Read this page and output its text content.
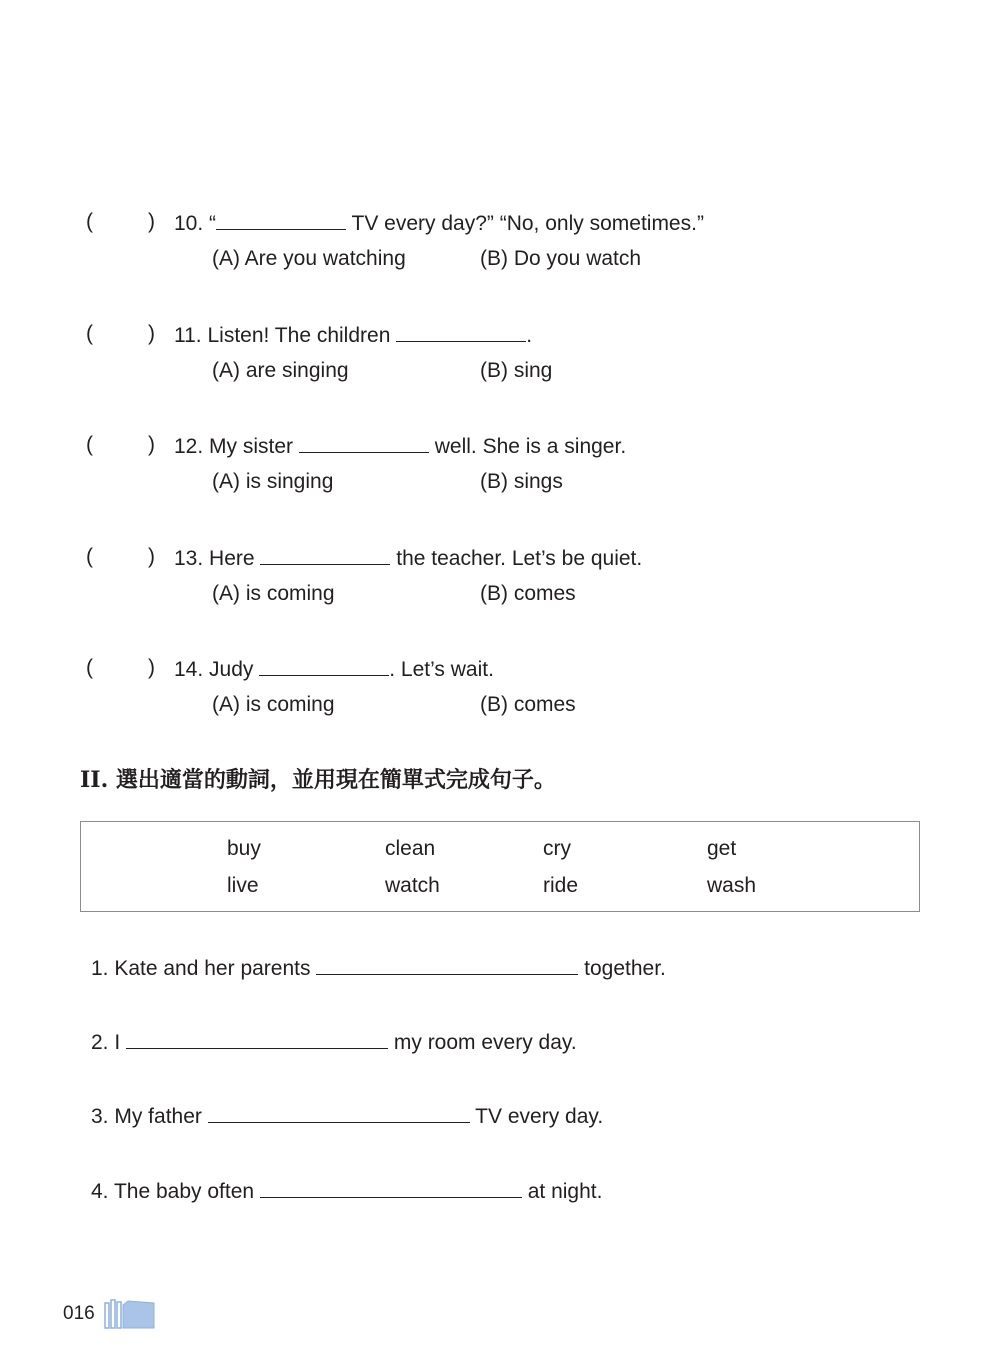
(	) 10. “	TV every day?” “No, only sometimes.”
(A) Are you watching	(B) Do you watch
(	) 11. Listen! The children	.
(A) are singing	(B) sing
(	) 12. My sister	well. She is a singer.
(A) is singing	(B) sings
(	) 13. Here	the teacher. Let’s be quiet.
(A) is coming	(B) comes
(	) 14. Judy	. Let’s wait.
(A) is coming	(B) comes
II. 選出適當的動詞，並用現在簡單式完成句子。
buy	clean	cry	get
live	watch	ride	wash
1. Kate and her parents	together.
2. I	my room every day.
3. My father	TV every day.
4. The baby often	at night.
016
